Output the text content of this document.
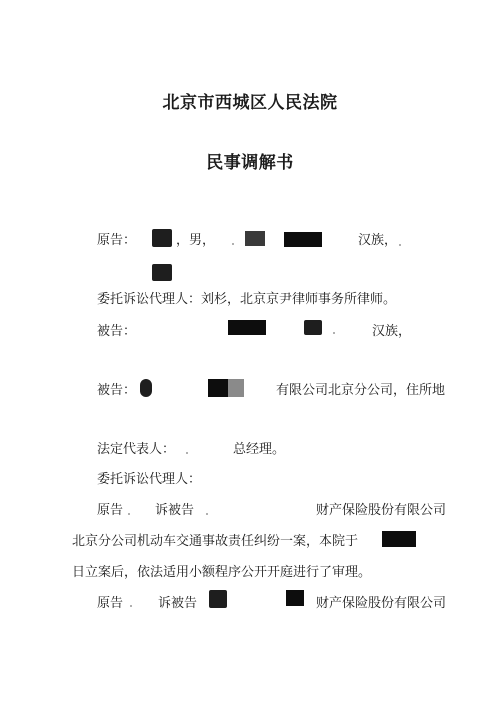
北京市西城区人民法院
民事调解书
原告：	，男，	汉族，
委托诉讼代理人：刘杉，北京京尹律师事务所律师。
被告：	汉族，
被告：	有限公司北京分公司，住所地
法定代表人：	总经理。
委托诉讼代理人：
原告 诉被告	财产保险股份有限公司
北京分公司机动车交通事故责任纠纷一案，本院于
日立案后，依法适用小额程序公开开庭进行了审理。
原告	诉被告	财产保险股份有限公司
